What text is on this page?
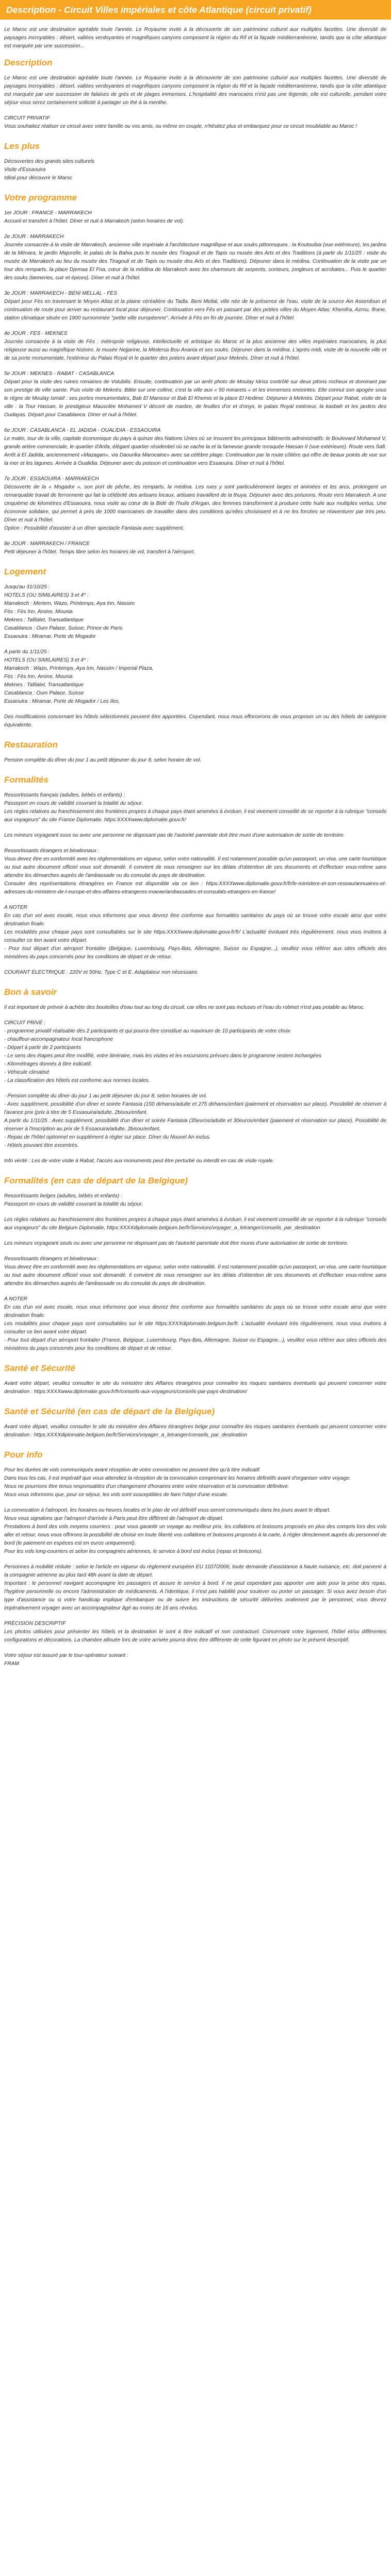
Description - Circuit Villes impériales et côte Atlantique (circuit privatif)

Le Maroc est une destination agréable toute l'année. Le Royaume invite à la découverte de son patrimoine culturel aux multiples facettes. Une diversité de paysages incroyables : désert, vallées verdoyantes et magnifiques canyons composent la région du Rif et la façade méditerranéenne, tandis que la côte atlantique est marquée par une succession...

Description

Le Maroc est une destination agréable toute l'année. Le Royaume invite à la découverte de son patrimoine culturel aux multiples facettes. Une diversité de paysages incroyables : désert, vallées verdoyantes et magnifiques canyons composent la région du Rif et la façade méditerranéenne, tandis que la côte atlantique est marquée par une succession de falaises de grès et de plages immenses. L'hospitalité des marocains n'est pas une légende, elle est culturelle, pendant votre séjour vous serez certainement sollicité à partager un thé à la menthe.

CIRCUIT PRIVATIF
Vous souhaitez réaliser ce circuit avec votre famille ou vos amis, ou même en couple, n'hésitez plus et embarquez pour ce circuit inoubliable au Maroc !

Les plus

Découvertes des grands sites culturels
Visite d'Essaouira
Idéal pour découvrir le Maroc

Votre programme

1er JOUR : FRANCE - MARRAKECH
Accueil et transfert à l'hôtel. Dîner et nuit à Marrakech (selon horaires de vol).

2e JOUR : MARRAKECH
Journée consacrée à la visite de Marrakech, ancienne ville impériale à l'architecture magnifique et aux souks pittoresques : la Koutoubia (vue extérieure), les jardins de la Ménara, le jardin Majorelle, le palais de la Bahia puis le musée des Tiragouli et de Tapis ou musée des Arts et des Traditions (à partir du 1/11/25 : visite du musée de Marrakech au lieu du musée des Tiragouli et de Tapis ou musée des Arts et des Traditions). Déjeuner dans le médina. Continuation de la visite par un tour des remparts, la place Djemaa El Fna, cœur de la médina de Marrakech avec les charmeurs de serpents, conteurs, jongleurs et acrobates... Puis le quartier des souks (tanneries, cuir et épices). Dîner et nuit à l'hôtel.

3e JOUR : MARRAKECH - BENI MELLAL - FES
Départ pour Fès en traversant le Moyen Atlas et la plaine céréalière du Tadla. Beni Mellal, ville née de la présence de l'eau, visite de la source Ain Asserdoun et continuation de route pour arriver au restaurant local pour déjeuner. Continuation vers Fès en passant par des petites villes du Moyen Atlas: Khenifra, Azrou, Ifrane, station climatique située en 1900 surnommée "petite ville européenne". Arrivée à Fès en fin de journée. Dîner et nuit à l'hôtel.

4e JOUR : FES - MEKNES
Journée consacrée à la visite de Fès : métropole religieuse, intellectuelle et artistique du Maroc et la plus ancienne des villes impériales marocaines, la plus religieuse aussi au magnifique histoire, le musée Nejjarine, la Médersa Bou Anania et ses souks. Déjeuner dans la médina. L'après-midi, visite de la nouvelle ville et de sa porte monumentale, l'extérieur du Palais Royal et le quartier des potiers avant départ pour Meknès. Dîner et nuit à l'hôtel.

5e JOUR : MEKNES - RABAT - CASABLANCA
Départ pour la visite des ruines romaines de Volubilis. Ensuite, continuation par un arrêt photo de Moulay Idriss contrôlé sur deux pitons rocheux et dominant par son prestige de ville sainte. Puis visite de Meknès. Bâtie sur une colline, c'est la ville aux « 50 minarets » et les immenses enceintes. Elle connut son apogée sous le règne de Moulay Ismaïl : ses portes monumentales, Bab El Mansour et Bab El Khemis et la place El Hedime. Déjeuner à Meknès. Départ pour Rabat, visite de la ville : la Tour Hassan, le prestigieux Mausolée Mohamed V décoré de marbre, de feuilles d'or et d'onyx, le palais Royal extérieur, la kasbah et les jardins des Oudayas. Départ pour Casablanca. Dîner et nuit à l'hôtel.

6e JOUR : CASABLANCA - EL JADIDA - OUALIDIA - ESSAOUIRA
Le matin, tour de la ville, capitale économique du pays à quinze des Nations Unies où se trouvent les principaux bâtiments administratifs: le Boulevard Mohamed V, grande artère commerciale, le quartier d'Anfa, élégant quartier résidentiel où se cache la et la fameuse grande mosquée Hassan II (vue extérieure). Route vers Safi. Arrêt à El Jadida, anciennement «Mazagan», via Daourika Marocaine» avec sa célèbre plage. Continuation par la route côtière qui offre de beaux points de vue sur la mer et les lagunes. Arrivée à Oualidia. Déjeuner avec du poisson et continuation vers Essaouira. Dîner et nuit à l'hôtel.

7e JOUR : ESSAOUIRA - MARRAKECH
Découverte de la « Mogador », son port de pêche, les remparts, la médina. Les rues y sont particulièrement larges et animées et les arcs, prolongent un remarquable travail de ferronnerie qui fait la célébrité des artisans locaux, artisans travaillent de la thuya. Déjeuner avec des poissons. Route vers Marrakech. A une cinquième de kilomètres d'Essaouira, nous visite au cœur de la Bidé de l'huile d'Argan, des femmes transforment à produire cette huile aux multiples vertus. Une économie solidaire, qui permet à près de 1000 marocaines de travailler dans des conditions qu'elles choisissent et à ne les forcées se réaventurer par très peu. Dîner et nuit à l'hôtel.
Option : Possibilité d'assister à un dîner spectacle Fantasia avec supplément.

8e JOUR : MARRAKECH / FRANCE
Petit déjeuner à l'hôtel. Temps libre selon les horaires de vol, transfert à l'aéroport.

Logement

Jusqu'au 31/10/25 :
HOTELS (OU SIMILAIRES) 3 et 4* :
Marrakech : Meriem, Wazo, Printemps, Aya Inn, Nassim
Fès : Fès Inn, Amine, Mounia
Meknes : Tafilalet, Transatlantique
Casablanca : Oum Palace, Suisse, Prince de Paris
Essaouira : Miramar, Porte de Mogador

A partir du 1/11/25 :
HOTELS (OU SIMILAIRES) 3 et 4* :
Marrakech : Wazo, Printemps, Aya Inn, Nassim / Imperial Plaza,
Fès : Fès Inn, Amine, Mounia
Meknes : Tafilalet, Transatlantique
Casablanca : Oum Palace, Suisse
Essaouira : Miramar, Porte de Mogador / Les Iles,

Des modifications concernant les hôtels sélectionnés peuvent être apportées. Cependant, nous nous efforcerons de vous proposer un ou des hôtels de catégorie équivalente.

Restauration

Pension complète du dîner du jour 1 au petit déjeuner du jour 8, selon horaire de vol.

Formalités

Ressortissants français (adultes, bébés et enfants) :
Passeport en cours de validité couvrant la totalité du séjour.
Les règles relatives au franchissement des frontières propres à chaque pays étant amenées à évoluer, il est vivement conseillé de se reporter à la rubrique "conseils aux voyageurs" du site France Diplomatie. https:XXXXwww.diplomatie.gouv.fr/

Les mineurs voyageant sous ou avec une personne ne disposant pas de l'autorité parentale doit être muni d'une autorisation de sortie de territoire.

Ressortissants étrangers et binationaux :
Vous devez être en conformité avec les réglementations en vigueur, selon votre nationalité. Il est notamment possible qu'un passeport, un visa, une carte touristique ou tout autre document officiel vous soit demandé. Il convient de vous renseigner sur les délais d'obtention de ces documents et d'effectuer vous-même sans attendre les démarches auprès de l'ambassade ou du consulat du pays de destination.
Consuter des représentations étrangères en France est disponible via ce lien : https:XXXXwww.diplomatie.gouv.fr/fr/le-ministere-et-son-reseau/annuaires-et-adresses-du-ministere-de-l-europe-et-des-affaires-etrangeres-maeae/ambassades-et-consulats-etrangers-en-france/

A NOTER
En cas d'un vol avec escale, nous vous informons que vous devrez être conforme aux formalités sanitaires du pays où se trouve votre escale ainsi que votre destination finale.
Les modalités pour chaque pays sont consultables sur le site https:XXXXwww.diplomatie.gouv.fr/fr/ L'actualité évoluant très régulièrement, nous vous invitons à consulter ce lien avant votre départ.
- Pour tout départ d'un aéroport frontalier (Belgique, Luxembourg, Pays-Bas, Allemagne, Suisse ou Espagne...), veuillez vous référer aux sites officiels des ministères du pays concernés pour les conditions de départ et de retour.

COURANT ÉLECTRIQUE : 220V et 50Hz. Type C et E. Adaptateur non nécessaire.

Bon à savoir

Il est important de prévoir à achète des bouteilles d'eau tout au long du circuit, car elles ne sont pas incluses et l'eau du robinet n'est pas potable au Maroc.

CIRCUIT PRIVÉ :
- programme privatif réalisable dès 2 participants et qui pourra être constitué au maximum de 10 participants de votre choix
- chauffeur-accompagnateur local francophone
- Départ à partir de 2 participants
- Le sens des étapes peut être modifié, votre itinéraire, mais les visites et les excursions prévues dans le programme restent inchangées
- Kilométrages donnés à titre indicatif.
- Véhicule climatisé
- La classification des hôtels est conforme aux normes locales.

- Pension complète du dîner du jour 1 au petit déjeuner du jour 8, selon horaires de vol.
- Avec supplément, possibilité d'un dîner et soirée Fantasia (150 dirhams/adulte et 275 dirhams/enfant (paiement et réservation sur place). Possibilité de réserver à l'avance prix (prix à titre de 5 Essaouira/adulte, 2bisou/enfant.
A partir du 1/11/25 : Avec supplément, possibilité d'un dîner et soirée Fantasia (35euros/adulte et 30euros/enfant (paiement et réservation sur place). Possibilité de réserver à l'inscription au prix de 5 Essaouira/adulte, 2bisou/enfant.
- Repas de l'hôtel optionnel en supplément à régler sur place. Dîner du Nouvel An inclus.
- Hôtels pouvant être excentrés.

Info vérité : Les de votre visite à Rabat, l'accès aux monuments peut être perturbé ou interdit en cas de visite royale.

Formalités (en cas de départ de la Belgique)

Ressortissants belges (adultes, bébés et enfants) :
Passeport en cours de validité couvrant la totalité du séjour.

Les règles relatives au franchissement des frontières propres à chaque pays étant amenées à évoluer, il est vivement conseillé de se reporter à la rubrique "conseils aux voyageurs" du site Belgium Diplomatie, https:XXXXdiplomatie.belgium.be/fr/Services/voyager_a_letranger/conseils_par_destination

Les mineurs voyageant seuls ou avec une personne ne disposant pas de l'autorité parentale doit être munis d'une autorisation de sortie de territoire.

Ressortissants étrangers et binationaux :
Vous devez être en conformité avec les réglementations en vigueur, selon votre nationalité. Il est notamment possible qu'un passeport, un visa, une carte touristique ou tout autre document officiel vous soit demandé. Il convient de vous renseigner sur les délais d'obtention de ces documents et d'effectuer vous-même sans attendre les démarches auprès de l'ambassade ou du consulat du pays de destination.

A NOTER
En cas d'un vol avec escale, nous vous informons que vous devrez être conforme aux formalités sanitaires du pays où se trouve votre escale ainsi que votre destination finale.
Les modalités pour chaque pays sont consultables sur le site https:XXXXdiplomatie.belgium.be/fr. L'actualité évoluant très régulièrement, nous vous invitons à consulter ce lien avant votre départ.
- Pour tout départ d'un aéroport frontalier (France, Belgique, Luxembourg, Pays-Bas, Allemagne, Suisse ou Espagne...), veuillez vous référer aux sites officiels des ministères du pays concernés pour les conditions de départ et de retour.

Santé et Sécurité

Avant votre départ, veuillez consulter le site du ministère des Affaires étrangères pour connaître les risques sanitaires éventuels qui peuvent concerner votre destination : https:XXXXwww.diplomatie.gouv.fr/fr/conseils-aux-voyageurs/conseils-par-pays-destination/

Santé et Sécurité (en cas de départ de la Belgique)

Avant votre départ, veuillez consulter le site du ministère des Affaires étrangères belge pour connaître les risques sanitaires éventuels qui peuvent concerner votre destination : https:XXXXdiplomatie.belgium.be/fr/Services/voyager_a_letranger/conseils_par_destination

Pour info

Pour les durées de vols communiqués avant réception de votre convocation ne peuvent être qu'à titre indicatif.
Dans tous les cas, il est impératif que vous attendiez la réception de la convocation comprenant les horaires définitifs avant d'organiser votre voyage.
Nous ne pourrions être tenus responsables d'un changement d'horaires entre votre réservation et la convocation définitive.
Nous vous informons que, pour ce séjour, les vols sont susceptibles de faire l'objet d'une escale.

La convocation à l'aéroport, les horaires ou heures locales et le plan de vol définitif vous seront communiqués dans les jours avant le départ.
Nous vous signalons que l'aéroport d'arrivée à Paris peut être différent de l'aéroport de départ.
Prestations à bord des vols moyens courriers : pour vous garantir un voyage au meilleur prix, les collations et boissons proposés en plus des compris lors des vols aller et retour, nous vous offrirons la possibilité de choisir en toute liberté vos collations et boissons proposés à la carte, à régler directement auprès du personnel de bord (le paiement en espèces est en euros uniquement).
Pour les vols long-courriers et selon les compagnies aériennes, le service à bord est inclus (repas et boissons).

Personnes à mobilité réduite : selon le l'article en vigueur du règlement européen EU 1107/2006, toute demande d'assistance à haute nuisance, etc. doit parvenir à la compagnie aérienne au plus tard 48h avant la date de départ.
Important : le personnel navigant accompagne les passagers et assure le service à bord. Il ne peut cependant pas apporter une aide pour la prise des repas, l'hygiène personnelle ou encore l'administration de médicaments. A l'identique, il n'est pas habilité pour soulever ou porter un passager. Si vous avez besoin d'un type d'assistance ou si votre handicap implique d'embarquer ou de suivre les instructions de sécurité délivrées oralement par le personnel, vous devrez impérativement voyager avec un accompagnateur âgé au moins de 16 ans révolus.

PRÉCISION DESCRIPTIF
Les photos utilisées pour présenter les hôtels et la destination le sont à titre indicatif et non contractuel. Concernant votre logement, l'hôtel et/ou différentes configurations et décorations. La chambre allouée lors de votre arrivée pourra donc être différente de celle figurant en photo sur le présent descriptif.

Votre séjour est assuré par le tour-opérateur suivant :
FRAM
